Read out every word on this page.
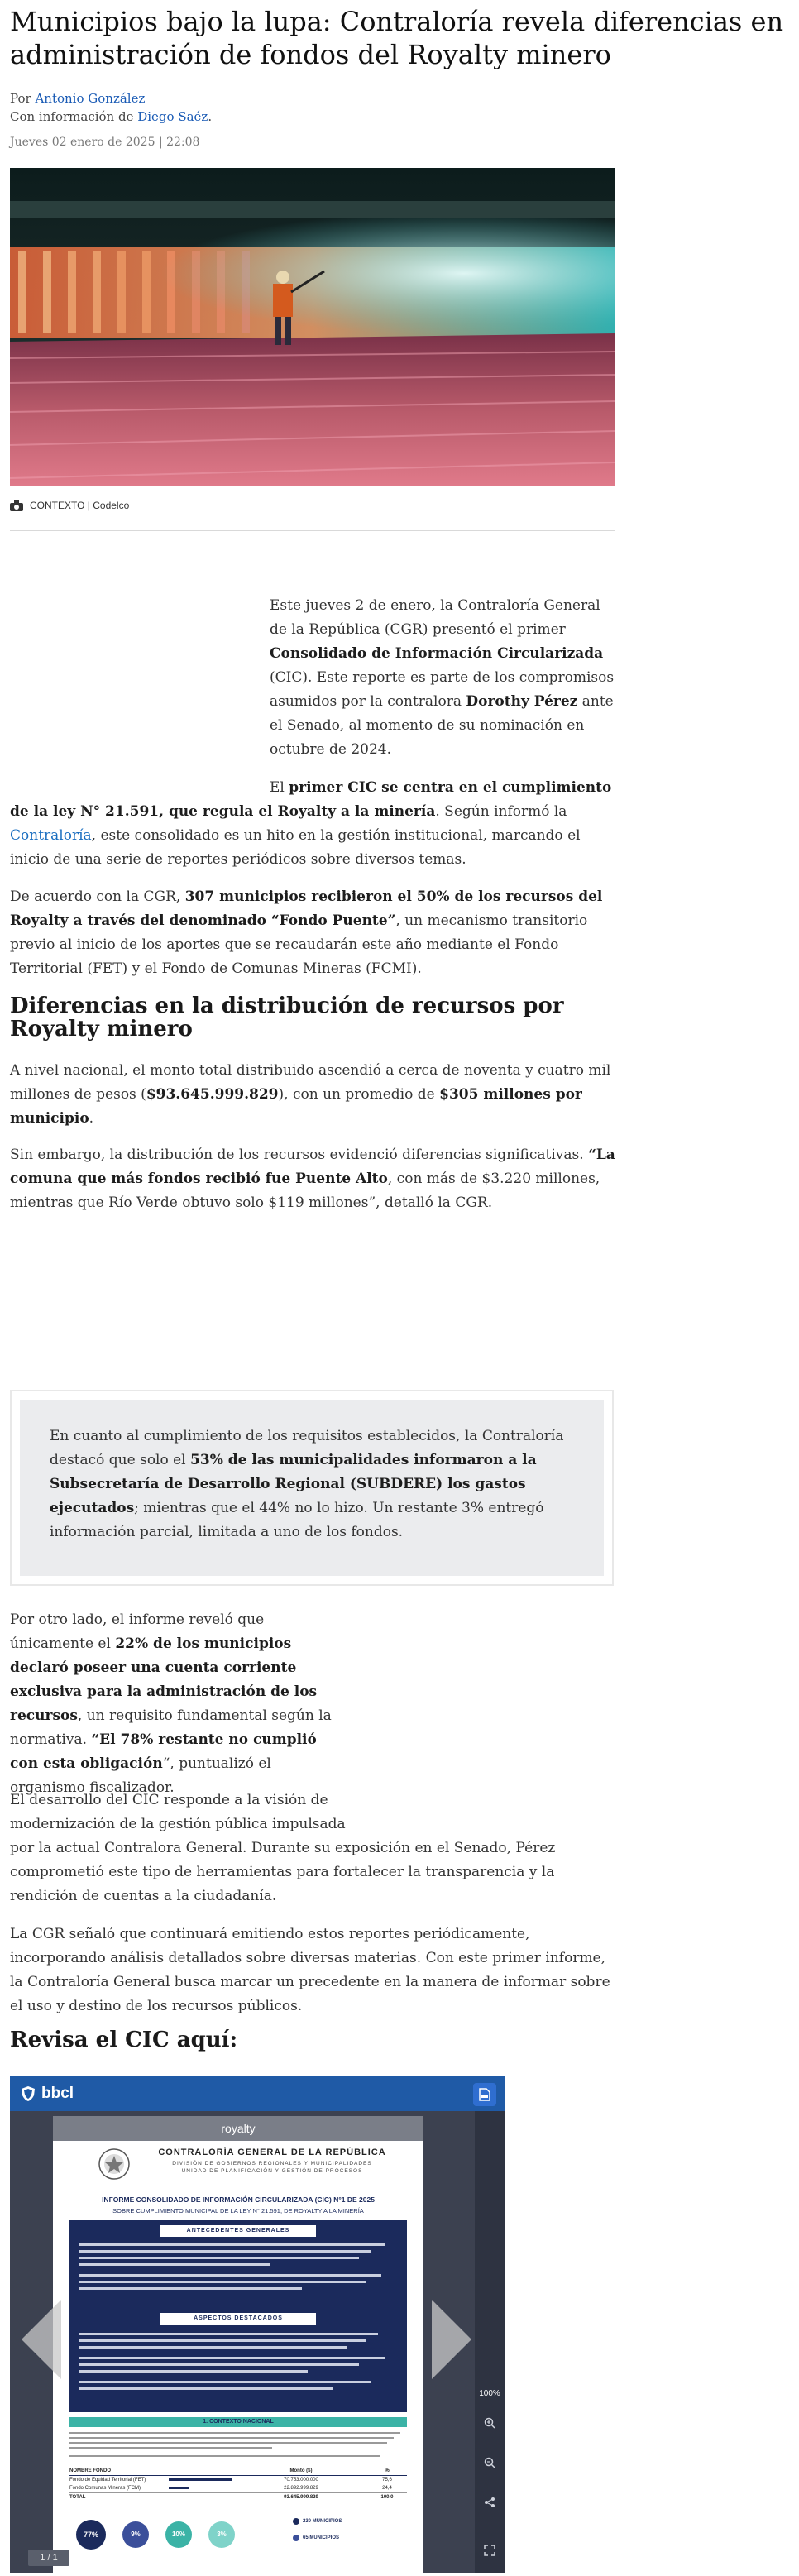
Municipios bajo la lupa: Contraloría revela diferencias en administración de fondos del Royalty minero
Por Antonio González
Con información de Diego Saéz.
Jueves 02 enero de 2025 | 22:08
CONTEXTO | Codelco

Este jueves 2 de enero, la Contraloría General de la República (CGR) presentó el primer Consolidado de Información Circularizada (CIC). Este reporte es parte de los compromisos asumidos por la contralora Dorothy Pérez ante el Senado, al momento de su nominación en octubre de 2024.

El primer CIC se centra en el cumplimiento de la ley N° 21.591, que regula el Royalty a la minería. Según informó la Contraloría, este consolidado es un hito en la gestión institucional, marcando el inicio de una serie de reportes periódicos sobre diversos temas.

De acuerdo con la CGR, 307 municipios recibieron el 50% de los recursos del Royalty a través del denominado “Fondo Puente”, un mecanismo transitorio previo al inicio de los aportes que se recaudarán este año mediante el Fondo Territorial (FET) y el Fondo de Comunas Mineras (FCMI).

Diferencias en la distribución de recursos por Royalty minero

A nivel nacional, el monto total distribuido ascendió a cerca de noventa y cuatro mil millones de pesos ($93.645.999.829), con un promedio de $305 millones por municipio.

Sin embargo, la distribución de los recursos evidenció diferencias significativas. “La comuna que más fondos recibió fue Puente Alto, con más de $3.220 millones, mientras que Río Verde obtuvo solo $119 millones”, detalló la CGR.

En cuanto al cumplimiento de los requisitos establecidos, la Contraloría destacó que solo el 53% de las municipalidades informaron a la Subsecretaría de Desarrollo Regional (SUBDERE) los gastos ejecutados; mientras que el 44% no lo hizo. Un restante 3% entregó información parcial, limitada a uno de los fondos.

Por otro lado, el informe reveló que únicamente el 22% de los municipios declaró poseer una cuenta corriente exclusiva para la administración de los recursos, un requisito fundamental según la normativa. “El 78% restante no cumplió con esta obligación“, puntualizó el organismo fiscalizador.

El desarrollo del CIC responde a la visión de modernización de la gestión pública impulsada

por la actual Contralora General. Durante su exposición en el Senado, Pérez comprometió este tipo de herramientas para fortalecer la transparencia y la rendición de cuentas a la ciudadanía.

La CGR señaló que continuará emitiendo estos reportes periódicamente, incorporando análisis detallados sobre diversas materias. Con este primer informe, la Contraloría General busca marcar un precedente en la manera de informar sobre el uso y destino de los recursos públicos.

Revisa el CIC aquí:
bbcl
royalty
CONTRALORÍA GENERAL DE LA REPÚBLICA
DIVISIÓN DE GOBIERNOS REGIONALES Y MUNICIPALIDADES
UNIDAD DE PLANIFICACIÓN Y GESTIÓN DE PROCESOS
INFORME CONSOLIDADO DE INFORMACIÓN CIRCULARIZADA (CIC) N°1 DE 2025
SOBRE CUMPLIMIENTO MUNICIPAL DE LA LEY N° 21.591, DE ROYALTY A LA MINERÍA
ANTECEDENTES GENERALES
ASPECTOS DESTACADOS
1. CONTEXTO NACIONAL
NOMBRE FONDO	Monto ($)	%
Fondo de Equidad Territorial (FET)	70.753.000.000	75,6
Fondo Comunas Mineras (FCM)	22.892.999.829	24,4
TOTAL	93.645.999.829	100,0
77%	9%	10%	3%
230 MUNICIPIOS
65 MUNICIPIOS
100%
1 / 1
